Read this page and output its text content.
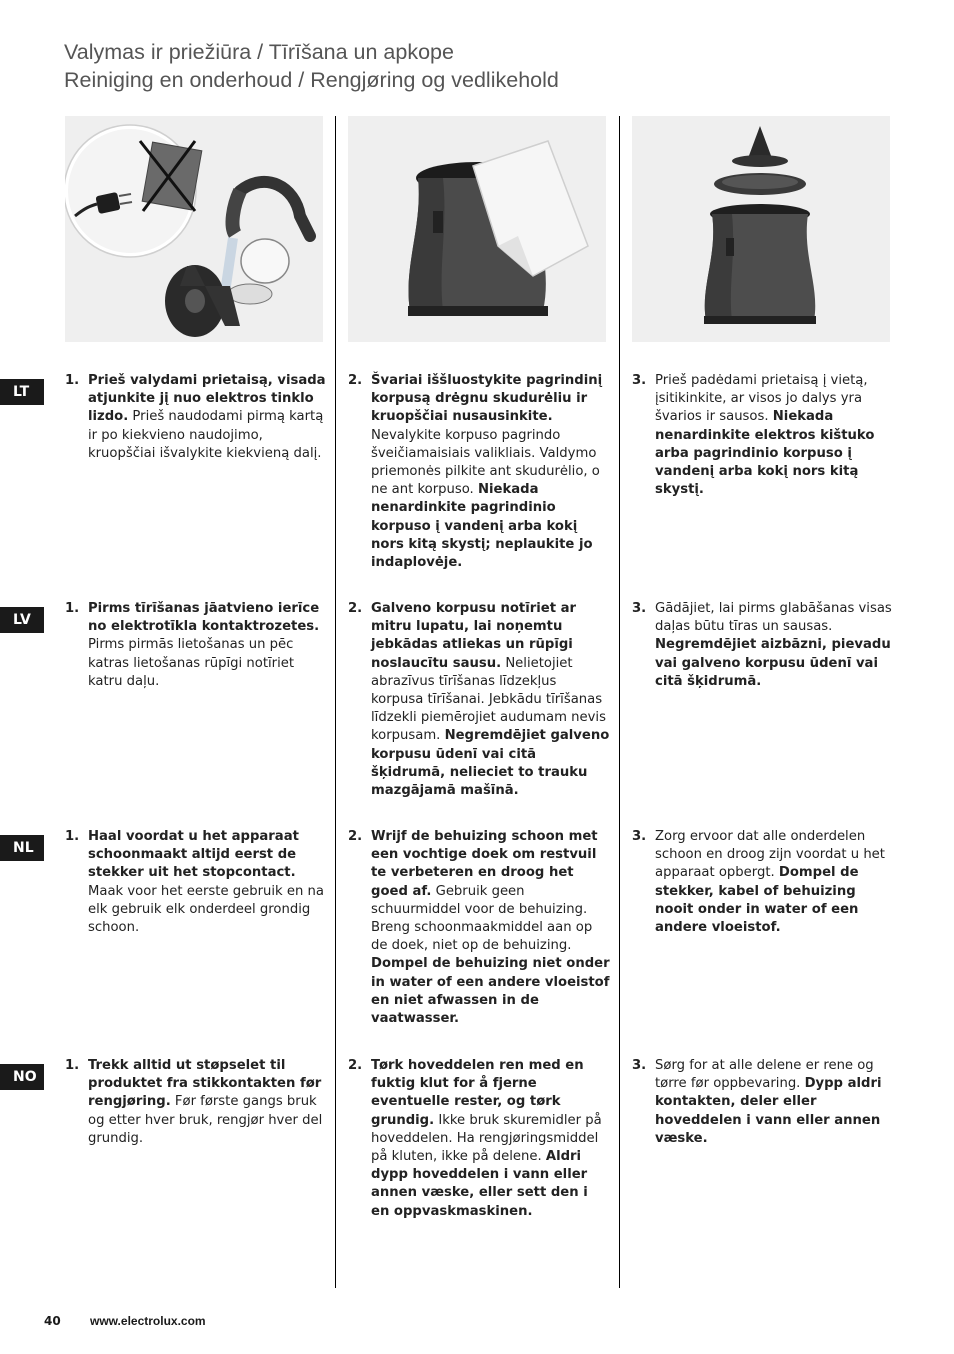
Valymas ir priežiūra / Tīrīšana un apkope
Reiniging en onderhoud / Rengjøring og vedlikehold
LT
LV
NL
NO
1. Prieš valydami prietaisą, visada atjunkite jį nuo elektros tinklo lizdo. Prieš naudodami pirmą kartą ir po kiekvieno naudojimo, kruopščiai išvalykite kiekvieną dalį.
2. Švariai iššluostykite pagrindinį korpusą drėgnu skudurėliu ir kruopščiai nusausinkite. Nevalykite korpuso pagrindo šveičiamaisiais valikliais. Valdymo priemonės pilkite ant skudurėlio, o ne ant korpuso. Niekada nenardinkite pagrindinio korpuso į vandenį arba kokį nors kitą skystį; neplaukite jo indaplovėje.
3. Prieš padėdami prietaisą į vietą, įsitikinkite, ar visos jo dalys yra švarios ir sausos. Niekada nenardinkite elektros kištuko arba pagrindinio korpuso į vandenį arba kokį nors kitą skystį.
1. Pirms tīrīšanas jāatvieno ierīce no elektrotīkla kontaktrozetes. Pirms pirmās lietošanas un pēc katras lietošanas rūpīgi notīriet katru daļu.
2. Galveno korpusu notīriet ar mitru lupatu, lai noņemtu jebkādas atliekas un rūpīgi noslaucītu sausu. Nelietojiet abrazīvus tīrīšanas līdzekļus korpusa tīrīšanai. Jebkādu tīrīšanas līdzekli piemērojiet audumam nevis korpusam. Negremdējiet galveno korpusu ūdenī vai citā šķidrumā, nelieciet to trauku mazgājamā mašīnā.
3. Gādājiet, lai pirms glabāšanas visas daļas būtu tīras un sausas. Negremdējiet aizbāzni, pievadu vai galveno korpusu ūdenī vai citā šķidrumā.
1. Haal voordat u het apparaat schoonmaakt altijd eerst de stekker uit het stopcontact. Maak voor het eerste gebruik en na elk gebruik elk onderdeel grondig schoon.
2. Wrijf de behuizing schoon met een vochtige doek om restvuil te verbeteren en droog het goed af. Gebruik geen schuurmiddel voor de behuizing. Breng schoonmaakmiddel aan op de doek, niet op de behuizing. Dompel de behuizing niet onder in water of een andere vloeistof en niet afwassen in de vaatwasser.
3. Zorg ervoor dat alle onderdelen schoon en droog zijn voordat u het apparaat opbergt. Dompel de stekker, kabel of behuizing nooit onder in water of een andere vloeistof.
1. Trekk alltid ut støpselet til produktet fra stikkontakten før rengjøring. Før første gangs bruk og etter hver bruk, rengjør hver del grundig.
2. Tørk hoveddelen ren med en fuktig klut for å fjerne eventuelle rester, og tørk grundig. Ikke bruk skuremidler på hoveddelen. Ha rengjøringsmiddel på kluten, ikke på delene. Aldri dypp hoveddelen i vann eller annen væske, eller sett den i en oppvaskmaskinen.
3. Sørg for at alle delene er rene og tørre før oppbevaring. Dypp aldri kontakten, deler eller hoveddelen i vann eller annen væske.
40 www.electrolux.com
